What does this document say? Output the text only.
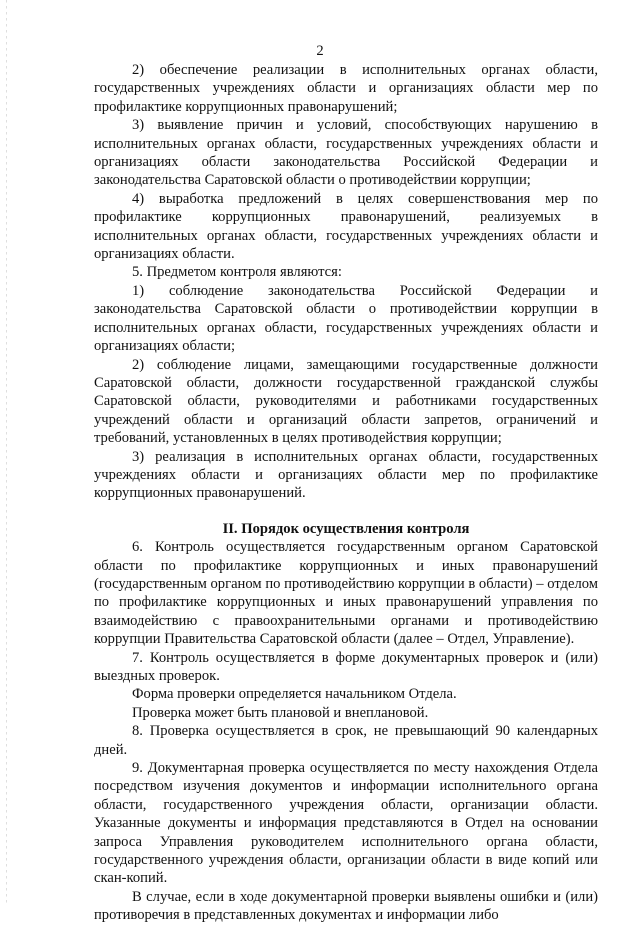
2

2) обеспечение реализации в исполнительных органах области, государственных учреждениях области и организациях области мер по профилактике коррупционных правонарушений;

3) выявление причин и условий, способствующих нарушению в исполнительных органах области, государственных учреждениях области и организациях области законодательства Российской Федерации и законодательства Саратовской области о противодействии коррупции;

4) выработка предложений в целях совершенствования мер по профилактике коррупционных правонарушений, реализуемых в исполнительных органах области, государственных учреждениях области и организациях области.

5. Предметом контроля являются:

1) соблюдение законодательства Российской Федерации и законодательства Саратовской области о противодействии коррупции в исполнительных органах области, государственных учреждениях области и организациях области;

2) соблюдение лицами, замещающими государственные должности Саратовской области, должности государственной гражданской службы Саратовской области, руководителями и работниками государственных учреждений области и организаций области запретов, ограничений и требований, установленных в целях противодействия коррупции;

3) реализация в исполнительных органах области, государственных учреждениях области и организациях области мер по профилактике коррупционных правонарушений.

II. Порядок осуществления контроля

6. Контроль осуществляется государственным органом Саратовской области по профилактике коррупционных и иных правонарушений (государственным органом по противодействию коррупции в области) – отделом по профилактике коррупционных и иных правонарушений управления по взаимодействию с правоохранительными органами и противодействию коррупции Правительства Саратовской области (далее – Отдел, Управление).

7. Контроль осуществляется в форме документарных проверок и (или) выездных проверок.

Форма проверки определяется начальником Отдела.

Проверка может быть плановой и внеплановой.

8. Проверка осуществляется в срок, не превышающий 90 календарных дней.

9. Документарная проверка осуществляется по месту нахождения Отдела посредством изучения документов и информации исполнительного органа области, государственного учреждения области, организации области. Указанные документы и информация представляются в Отдел на основании запроса Управления руководителем исполнительного органа области, государственного учреждения области, организации области в виде копий или скан-копий.

В случае, если в ходе документарной проверки выявлены ошибки и (или) противоречия в представленных документах и информации либо
